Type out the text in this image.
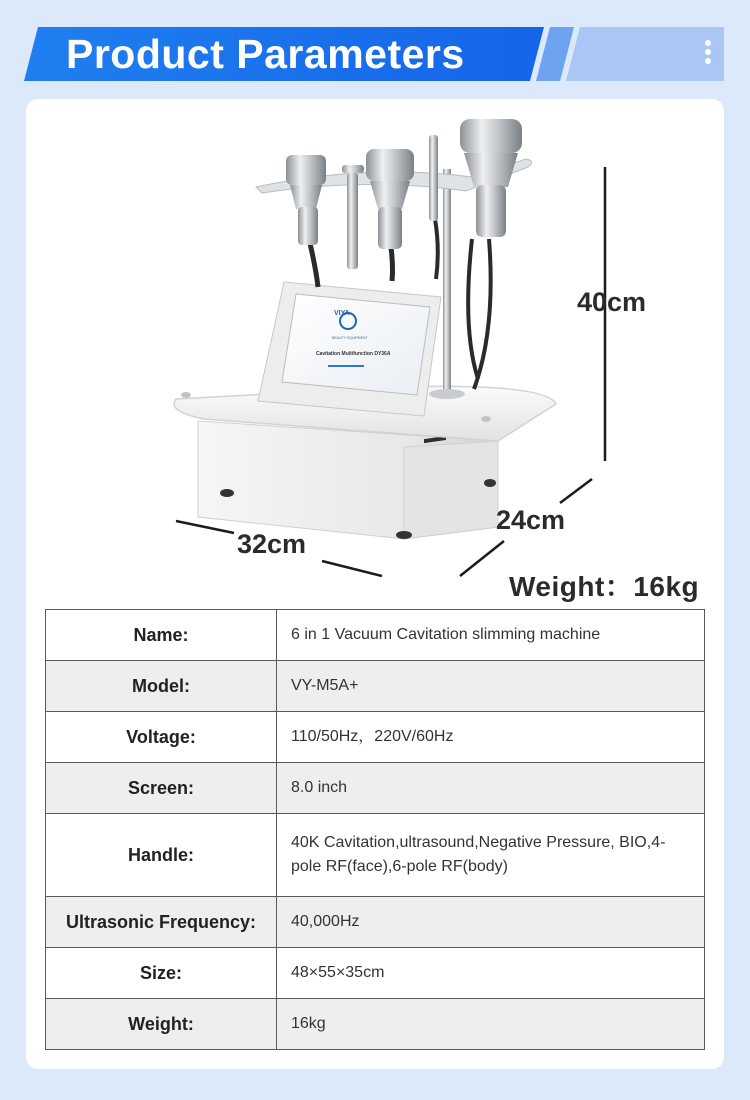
Product Parameters
VIYA
BEAUTY EQUIPMENT
Cavitation Multifunction DY36A

40cm

24cm

32cm

Weight：16kg

Name:	6 in 1 Vacuum Cavitation slimming machine
Model:	VY-M5A+
Voltage:	110/50Hz，220V/60Hz
Screen:	8.0 inch
Handle:	40K Cavitation,ultrasound,Negative Pressure, BIO,4-pole RF(face),6-pole RF(body)
Ultrasonic Frequency:	40,000Hz
Size:	48×55×35cm
Weight:	16kg
